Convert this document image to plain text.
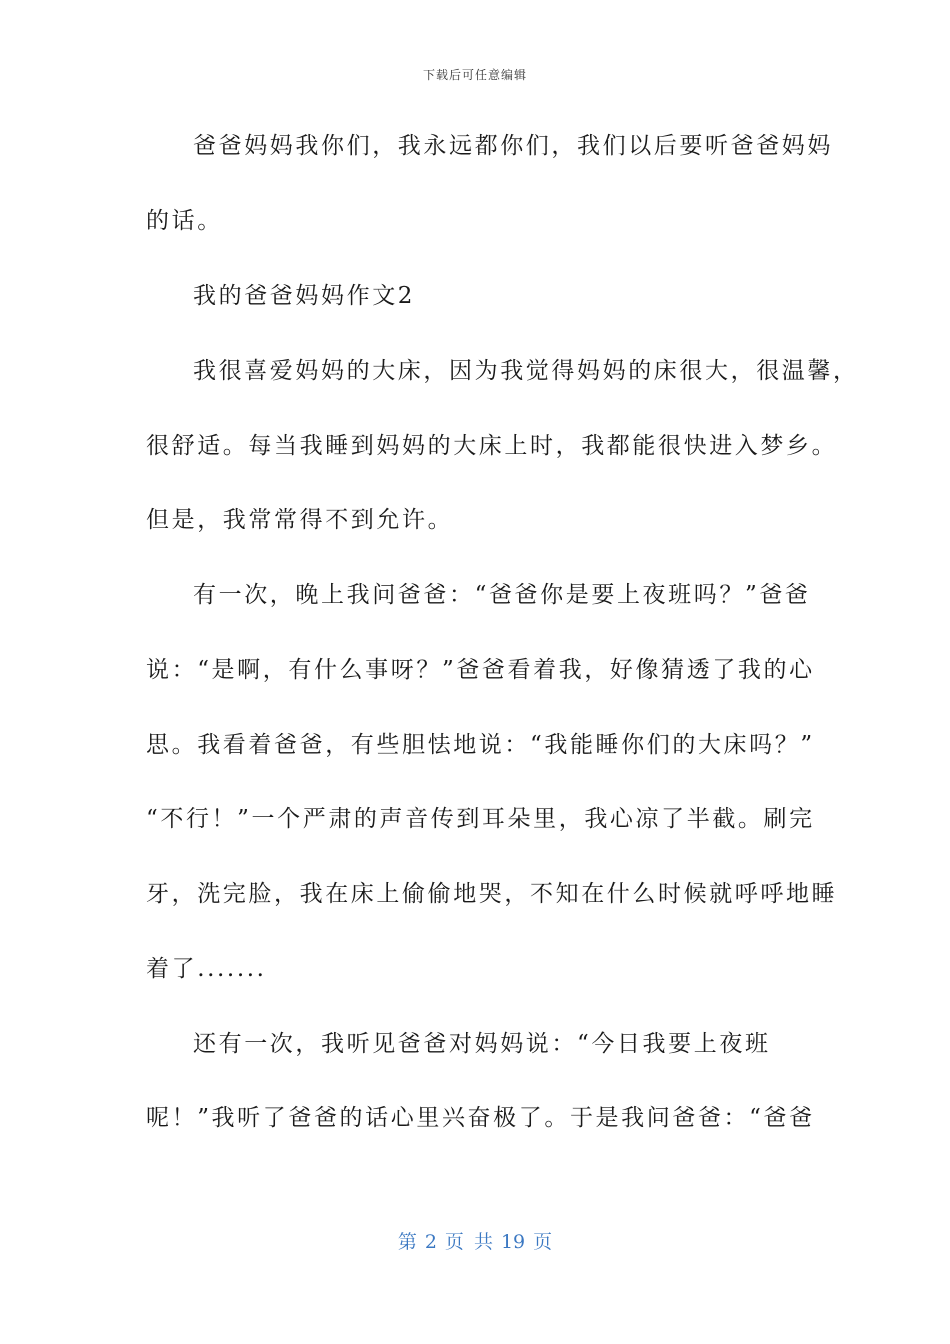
下载后可任意编辑
爸爸妈妈我你们，我永远都你们，我们以后要听爸爸妈妈
的话。
我的爸爸妈妈作文2
我很喜爱妈妈的大床，因为我觉得妈妈的床很大，很温馨，
很舒适。每当我睡到妈妈的大床上时，我都能很快进入梦乡。
但是，我常常得不到允许。
有一次，晚上我问爸爸：“爸爸你是要上夜班吗？”爸爸
说：“是啊，有什么事呀？”爸爸看着我，好像猜透了我的心
思。我看着爸爸，有些胆怯地说：“我能睡你们的大床吗？”
“不行！”一个严肃的声音传到耳朵里，我心凉了半截。刷完
牙，洗完脸，我在床上偷偷地哭，不知在什么时候就呼呼地睡
着了.......
还有一次，我听见爸爸对妈妈说：“今日我要上夜班
呢！”我听了爸爸的话心里兴奋极了。于是我问爸爸：“爸爸
第 2 页 共 19 页
